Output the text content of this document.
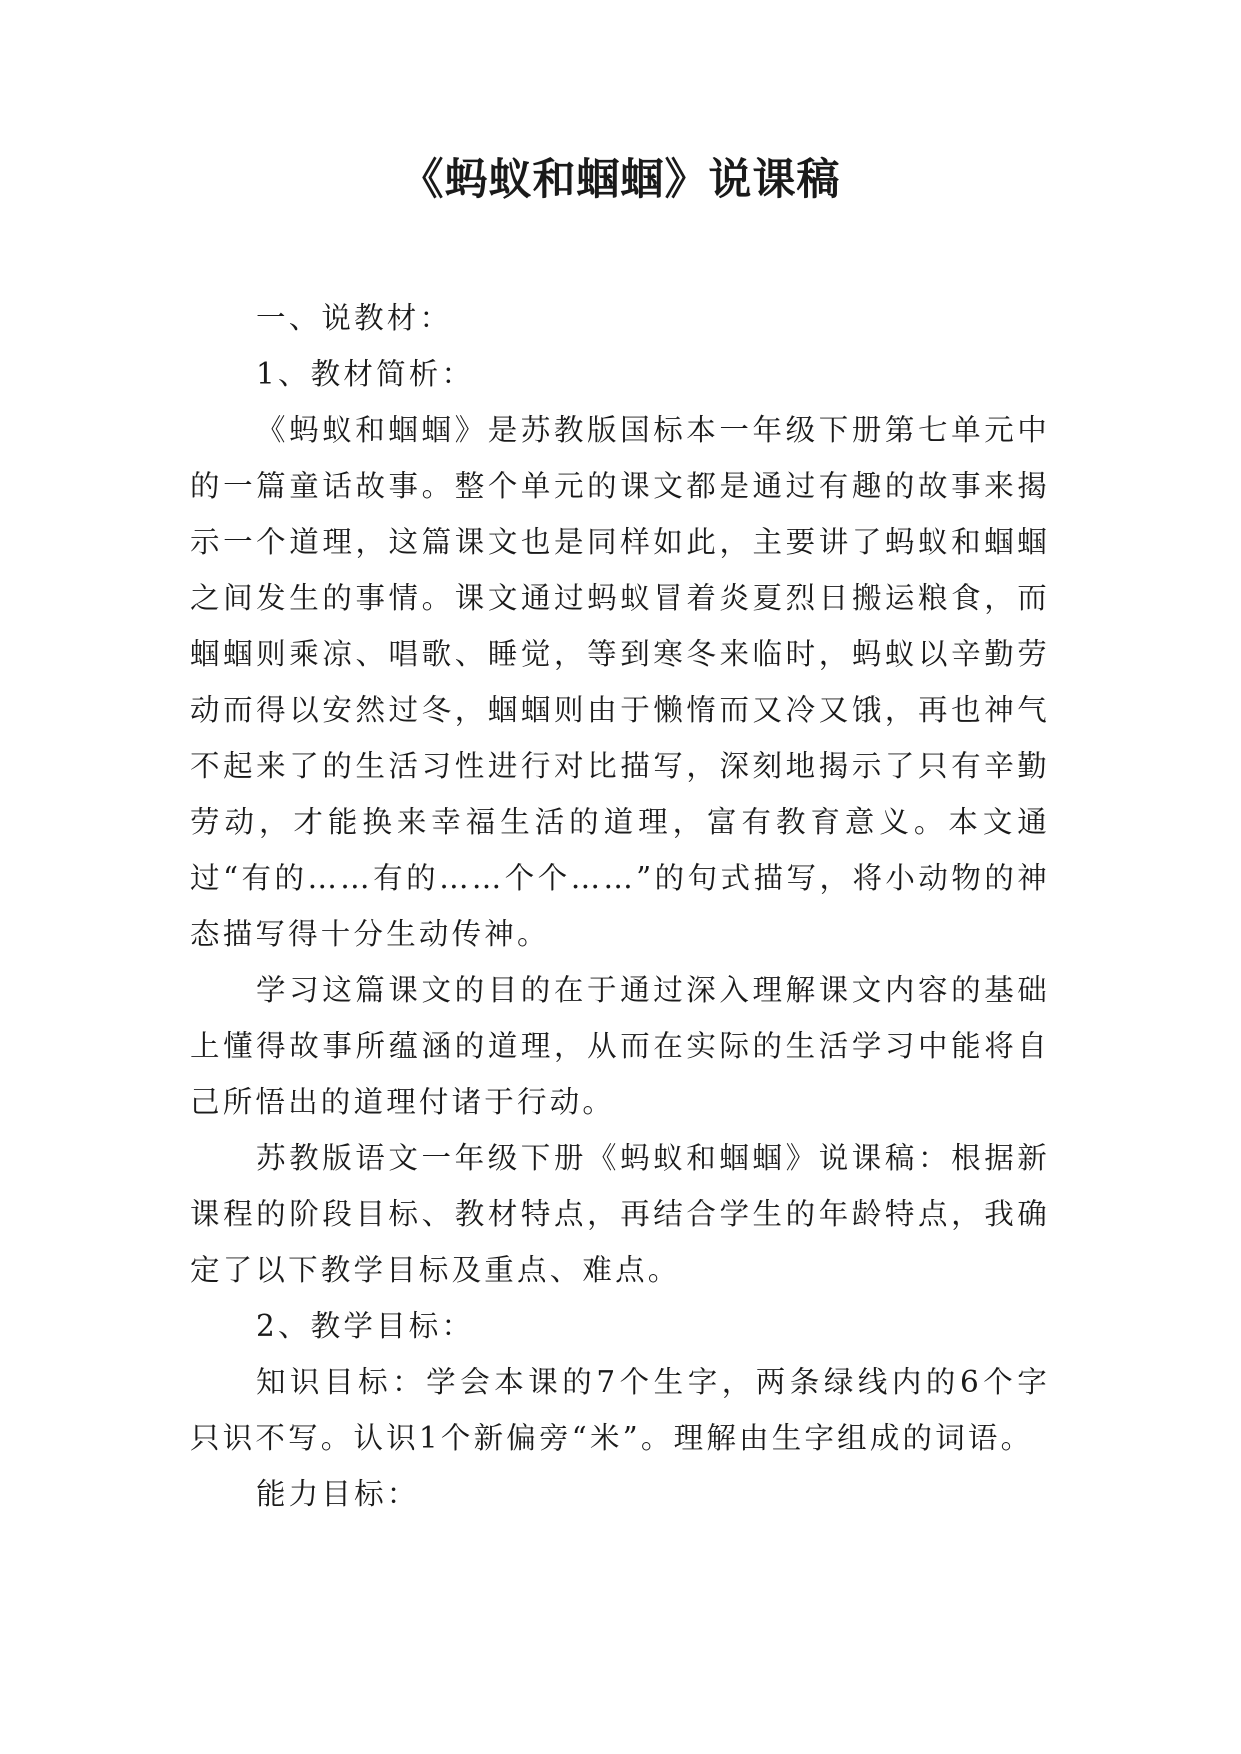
《蚂蚁和蝈蝈》说课稿

一、说教材：

1、教材简析：

《蚂蚁和蝈蝈》是苏教版国标本一年级下册第七单元中的一篇童话故事。整个单元的课文都是通过有趣的故事来揭示一个道理，这篇课文也是同样如此，主要讲了蚂蚁和蝈蝈之间发生的事情。课文通过蚂蚁冒着炎夏烈日搬运粮食，而蝈蝈则乘凉、唱歌、睡觉，等到寒冬来临时，蚂蚁以辛勤劳动而得以安然过冬，蝈蝈则由于懒惰而又冷又饿，再也神气不起来了的生活习性进行对比描写，深刻地揭示了只有辛勤劳动，才能换来幸福生活的道理，富有教育意义。本文通过“有的……有的……个个……”的句式描写，将小动物的神态描写得十分生动传神。

学习这篇课文的目的在于通过深入理解课文内容的基础上懂得故事所蕴涵的道理，从而在实际的生活学习中能将自己所悟出的道理付诸于行动。

苏教版语文一年级下册《蚂蚁和蝈蝈》说课稿：根据新课程的阶段目标、教材特点，再结合学生的年龄特点，我确定了以下教学目标及重点、难点。

2、教学目标：

知识目标：学会本课的7个生字，两条绿线内的6个字只识不写。认识1个新偏旁“米”。理解由生字组成的词语。

能力目标：
